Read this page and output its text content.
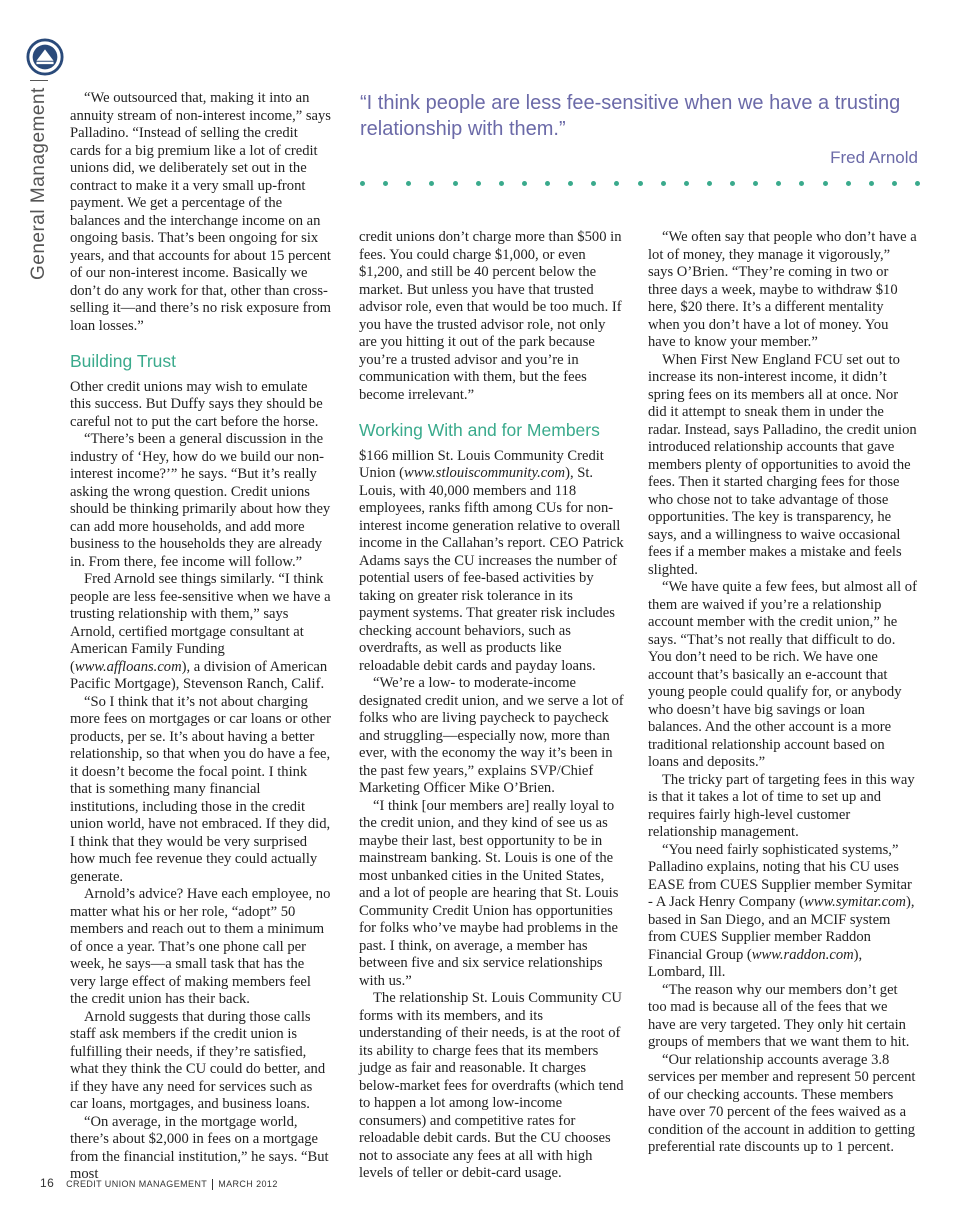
General Management	“I think people are less fee-sensitive when we have a trusting relationship with them.”
Fred Arnold

“We outsourced that, making it into an annuity stream of non-interest income,” says Palladino. “Instead of selling the credit cards for a big premium like a lot of credit unions did, we deliberately set out in the contract to make it a very small up-front payment. We get a percentage of the balances and the interchange income on an ongoing basis. That’s been ongoing for six years, and that accounts for about 15 percent of our non-interest income. Basically we don’t do any work for that, other than cross-selling it—and there’s no risk exposure from loan losses.”

Building Trust

Other credit unions may wish to emulate this success. But Duffy says they should be careful not to put the cart before the horse.

“There’s been a general discussion in the industry of ‘Hey, how do we build our non-interest income?’” he says. “But it’s really asking the wrong question. Credit unions should be thinking primarily about how they can add more households, and add more business to the households they are already in. From there, fee income will follow.”

Fred Arnold see things similarly. “I think people are less fee-sensitive when we have a trusting relationship with them,” says Arnold, certified mortgage consultant at American Family Funding (www.affloans.com), a division of American Pacific Mortgage), Stevenson Ranch, Calif.

“So I think that it’s not about charging more fees on mortgages or car loans or other products, per se. It’s about having a better relationship, so that when you do have a fee, it doesn’t become the focal point. I think that is something many financial institutions, including those in the credit union world, have not embraced. If they did, I think that they would be very surprised how much fee revenue they could actually generate.

Arnold’s advice? Have each employee, no matter what his or her role, “adopt” 50 members and reach out to them a minimum of once a year. That’s one phone call per week, he says—a small task that has the very large effect of making members feel the credit union has their back.

Arnold suggests that during those calls staff ask members if the credit union is fulfilling their needs, if they’re satisfied, what they think the CU could do better, and if they have any need for services such as car loans, mortgages, and business loans.

“On average, in the mortgage world, there’s about $2,000 in fees on a mortgage from the financial institution,” he says. “But most

credit unions don’t charge more than $500 in fees. You could charge $1,000, or even $1,200, and still be 40 percent below the market. But unless you have that trusted advisor role, even that would be too much. If you have the trusted advisor role, not only are you hitting it out of the park because you’re a trusted advisor and you’re in communication with them, but the fees become irrelevant.”

Working With and for Members

$166 million St. Louis Community Credit Union (www.stlouiscommunity.com), St. Louis, with 40,000 members and 118 employees, ranks fifth among CUs for non-interest income generation relative to overall income in the Callahan’s report. CEO Patrick Adams says the CU increases the number of potential users of fee-based activities by taking on greater risk tolerance in its payment systems. That greater risk includes checking account behaviors, such as overdrafts, as well as products like reloadable debit cards and payday loans.

“We’re a low- to moderate-income designated credit union, and we serve a lot of folks who are living paycheck to paycheck and struggling—especially now, more than ever, with the economy the way it’s been in the past few years,” explains SVP/Chief Marketing Officer Mike O’Brien.

“I think [our members are] really loyal to the credit union, and they kind of see us as maybe their last, best opportunity to be in mainstream banking. St. Louis is one of the most unbanked cities in the United States, and a lot of people are hearing that St. Louis Community Credit Union has opportunities for folks who’ve maybe had problems in the past. I think, on average, a member has between five and six service relationships with us.”

The relationship St. Louis Community CU forms with its members, and its understanding of their needs, is at the root of its ability to charge fees that its members judge as fair and reasonable. It charges below-market fees for overdrafts (which tend to happen a lot among low-income consumers) and competitive rates for reloadable debit cards. But the CU chooses not to associate any fees at all with high levels of teller or debit-card usage.

“We often say that people who don’t have a lot of money, they manage it vigorously,” says O’Brien. “They’re coming in two or three days a week, maybe to withdraw $10 here, $20 there. It’s a different mentality when you don’t have a lot of money. You have to know your member.”

When First New England FCU set out to increase its non-interest income, it didn’t spring fees on its members all at once. Nor did it attempt to sneak them in under the radar. Instead, says Palladino, the credit union introduced relationship accounts that gave members plenty of opportunities to avoid the fees. Then it started charging fees for those who chose not to take advantage of those opportunities. The key is transparency, he says, and a willingness to waive occasional fees if a member makes a mistake and feels slighted.

“We have quite a few fees, but almost all of them are waived if you’re a relationship account member with the credit union,” he says. “That’s not really that difficult to do. You don’t need to be rich. We have one account that’s basically an e-account that young people could qualify for, or anybody who doesn’t have big savings or loan balances. And the other account is a more traditional relationship account based on loans and deposits.”

The tricky part of targeting fees in this way is that it takes a lot of time to set up and requires fairly high-level customer relationship management.

“You need fairly sophisticated systems,” Palladino explains, noting that his CU uses EASE from CUES Supplier member Symitar - A Jack Henry Company (www.symitar.com), based in San Diego, and an MCIF system from CUES Supplier member Raddon Financial Group (www.raddon.com), Lombard, Ill.

“The reason why our members don’t get too mad is because all of the fees that we have are very targeted. They only hit certain groups of members that we want them to hit.

“Our relationship accounts average 3.8 services per member and represent 50 percent of our checking accounts. These members have over 70 percent of the fees waived as a condition of the account in addition to getting preferential rate discounts up to 1 percent.

16 CREDIT UNION MANAGEMENT MARCH 2012
